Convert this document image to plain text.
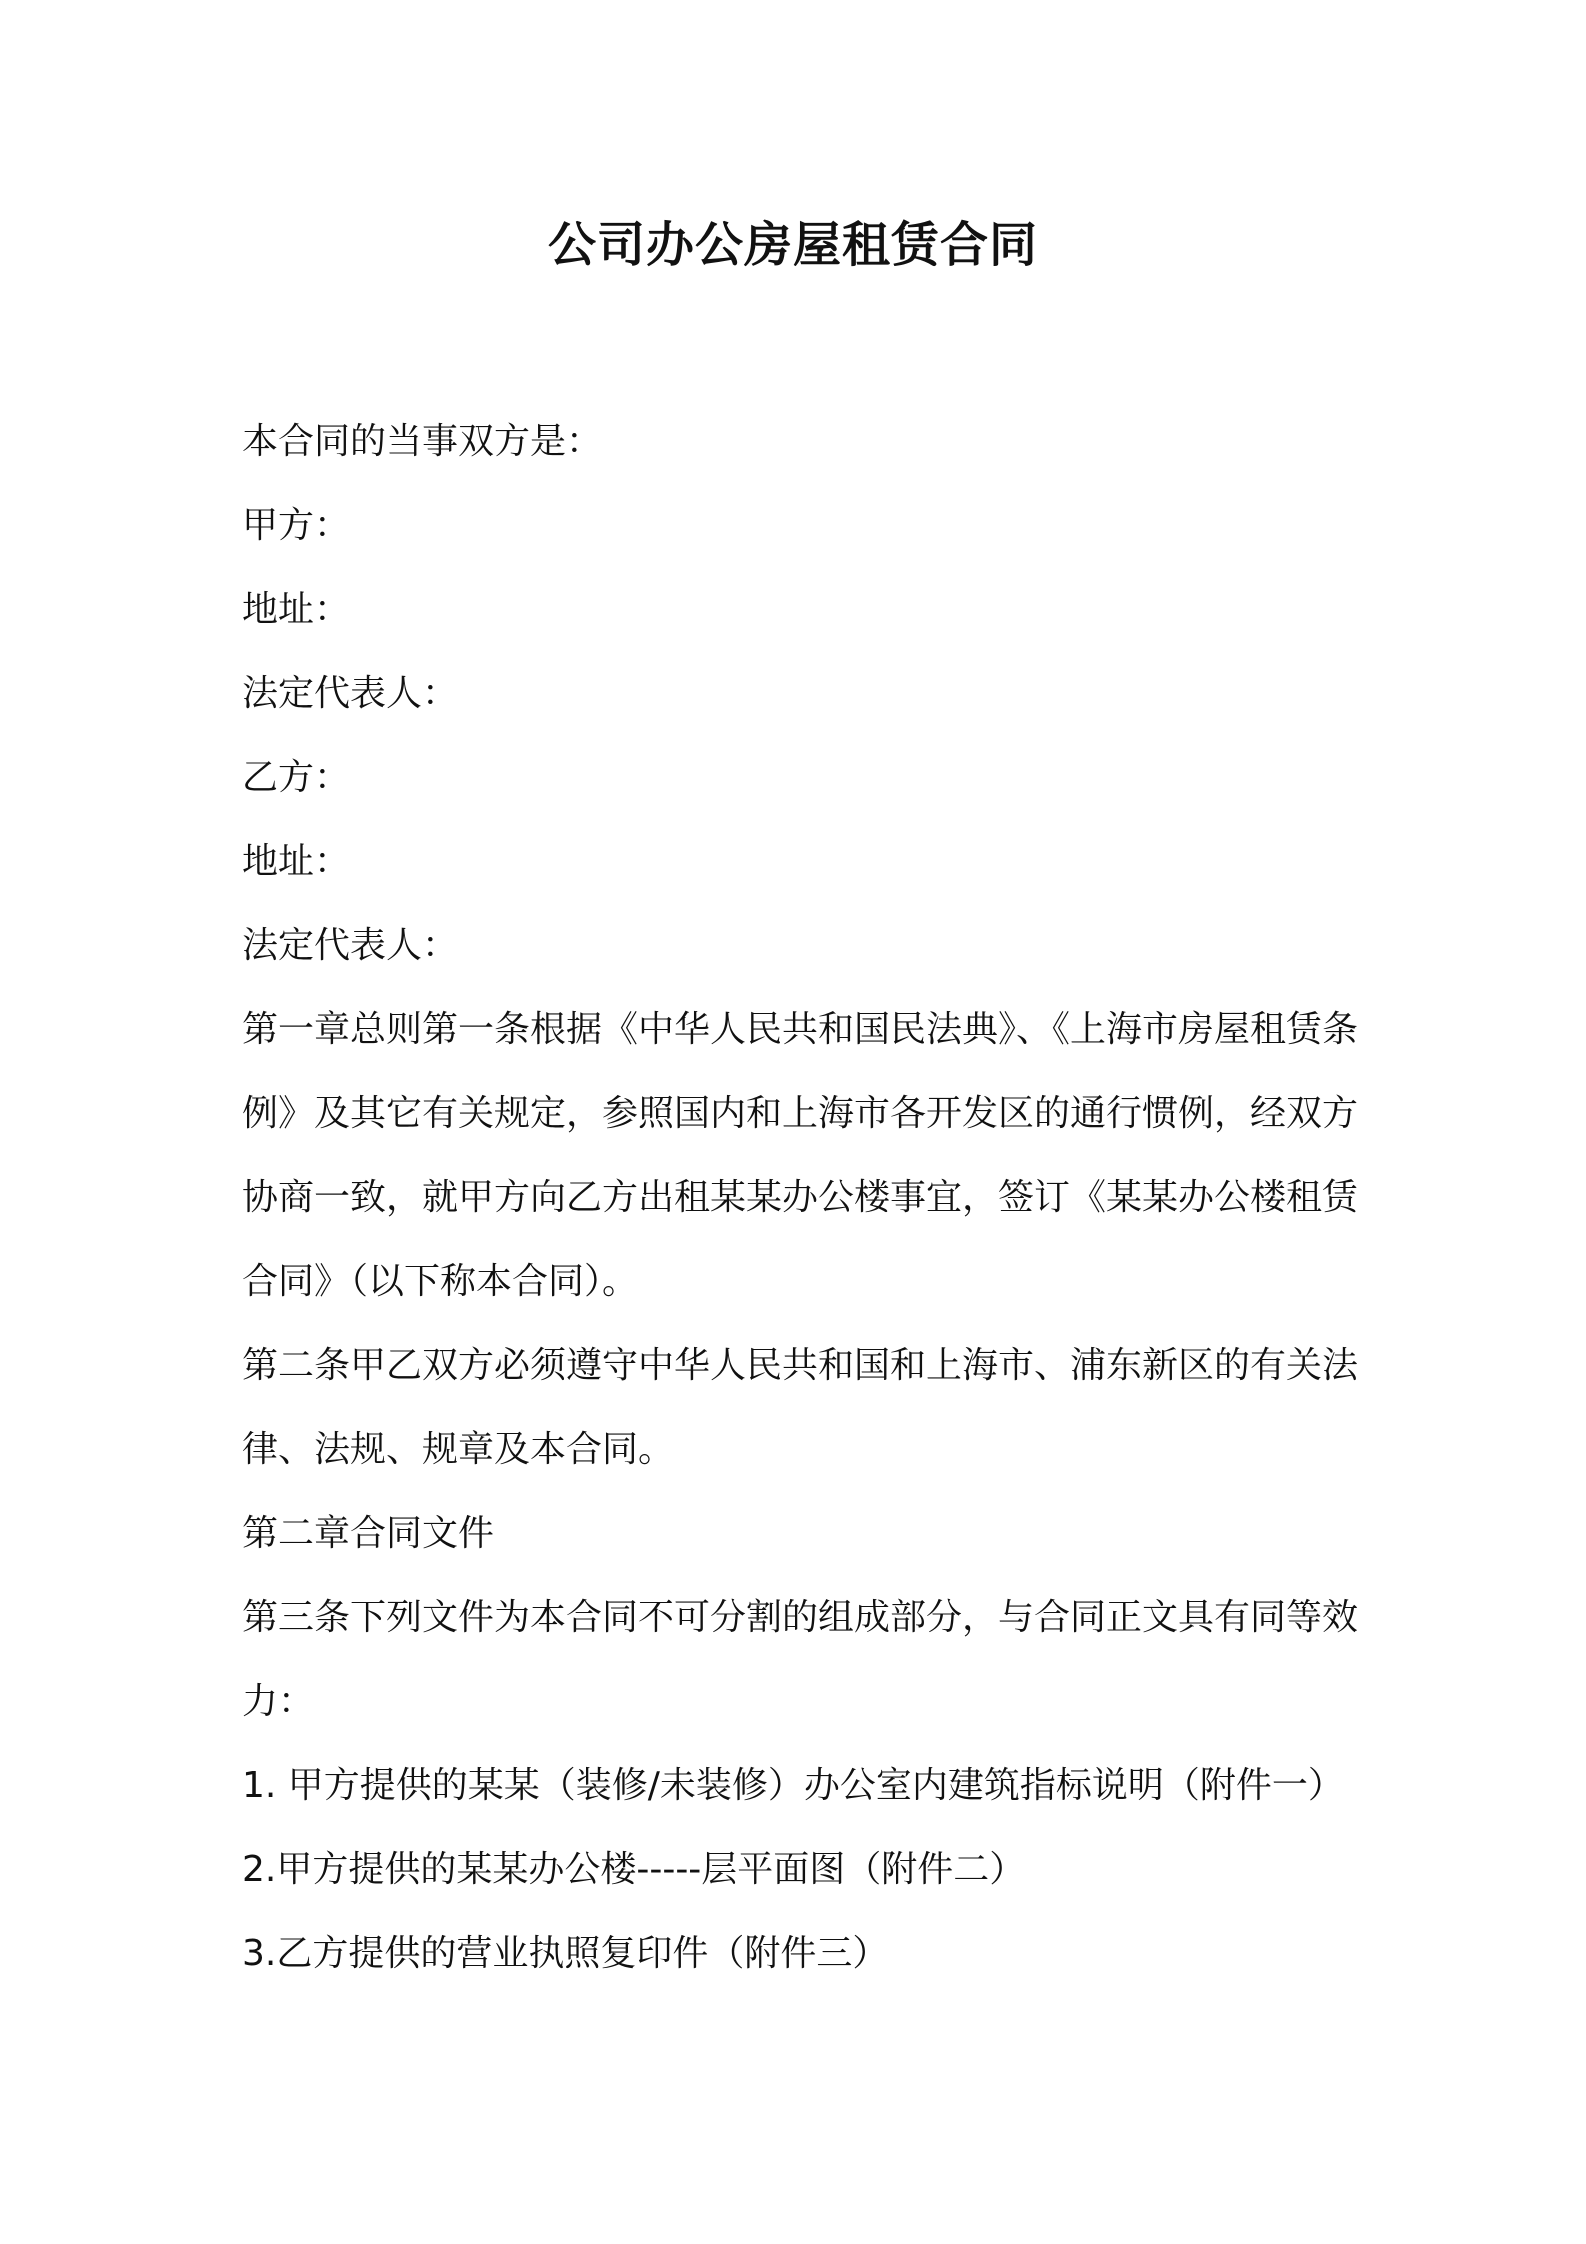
公司办公房屋租赁合同

本合同的当事双方是：

甲方：

地址：

法定代表人：

乙方：

地址：

法定代表人：

第一章总则第一条根据《中华人民共和国民法典》、《上海市房屋租赁条例》及其它有关规定，参照国内和上海市各开发区的通行惯例，经双方协商一致，就甲方向乙方出租某某办公楼事宜，签订《某某办公楼租赁合同》（以下称本合同）。

第二条甲乙双方必须遵守中华人民共和国和上海市、浦东新区的有关法律、法规、规章及本合同。

第二章合同文件

第三条下列文件为本合同不可分割的组成部分，与合同正文具有同等效力：

1. 甲方提供的某某（装修/未装修）办公室内建筑指标说明（附件一）

2.甲方提供的某某办公楼-----层平面图（附件二）

3.乙方提供的营业执照复印件（附件三）
